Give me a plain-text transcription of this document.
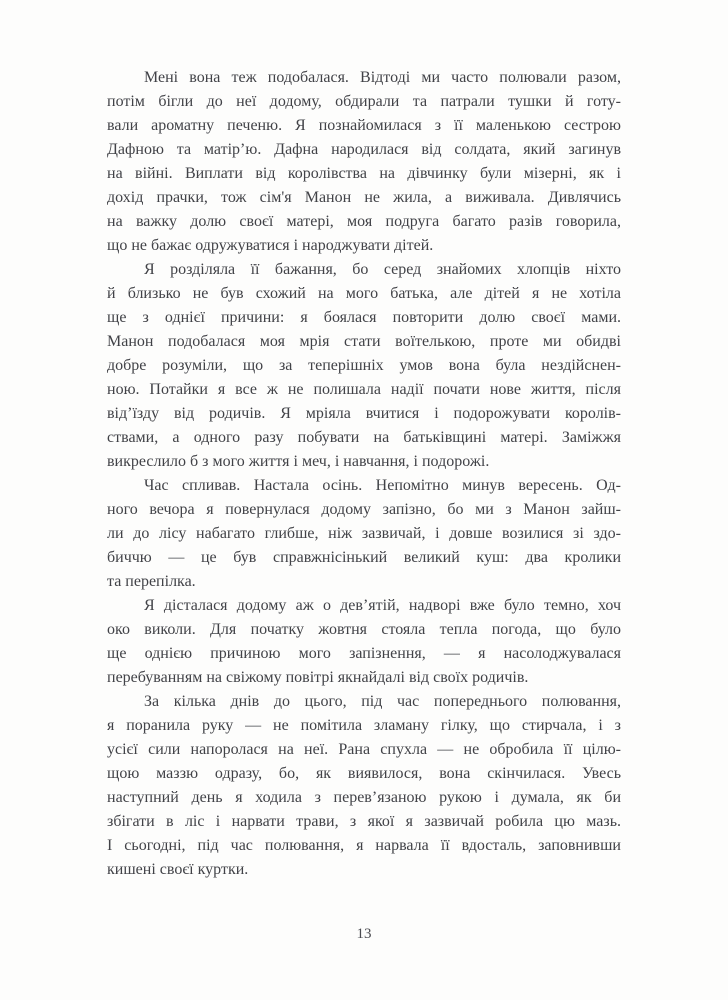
Мені вона теж подобалася. Відтоді ми часто полювали разом,
потім бігли до неї додому, обдирали та патрали тушки й готу-
вали ароматну печеню. Я познайомилася з її маленькою сестрою
Дафною та матір’ю. Дафна народилася від солдата, який загинув
на війні. Виплати від королівства на дівчинку були мізерні, як і
дохід прачки, тож сім'я Манон не жила, а виживала. Дивлячись
на важку долю своєї матері, моя подруга багато разів говорила,
що не бажає одружуватися і народжувати дітей.
Я розділяла її бажання, бо серед знайомих хлопців ніхто
й близько не був схожий на мого батька, але дітей я не хотіла
ще з однієї причини: я боялася повторити долю своєї мами.
Манон подобалася моя мрія стати воїтелькою, проте ми обидві
добре розуміли, що за теперішніх умов вона була нездійснен-
ною. Потайки я все ж не полишала надії почати нове життя, після
від’їзду від родичів. Я мріяла вчитися і подорожувати королів-
ствами, а одного разу побувати на батьківщині матері. Заміжжя
викреслило б з мого життя і меч, і навчання, і подорожі.
Час спливав. Настала осінь. Непомітно минув вересень. Од-
ного вечора я повернулася додому запізно, бо ми з Манон зайш-
ли до лісу набагато глибше, ніж зазвичай, і довше возилися зі здо-
биччю — це був справжнісінький великий куш: два кролики
та перепілка.
Я дісталася додому аж о дев’ятій, надворі вже було темно, хоч
око виколи. Для початку жовтня стояла тепла погода, що було
ще однією причиною мого запізнення, — я насолоджувалася
перебуванням на свіжому повітрі якнайдалі від своїх родичів.
За кілька днів до цього, під час попереднього полювання,
я поранила руку — не помітила зламану гілку, що стирчала, і з
усієї сили напоролася на неї. Рана спухла — не обробила її цілю-
щою маззю одразу, бо, як виявилося, вона скінчилася. Увесь
наступний день я ходила з перев’язаною рукою і думала, як би
збігати в ліс і нарвати трави, з якої я зазвичай робила цю мазь.
І сьогодні, під час полювання, я нарвала її вдосталь, заповнивши
кишені своєї куртки.
13
